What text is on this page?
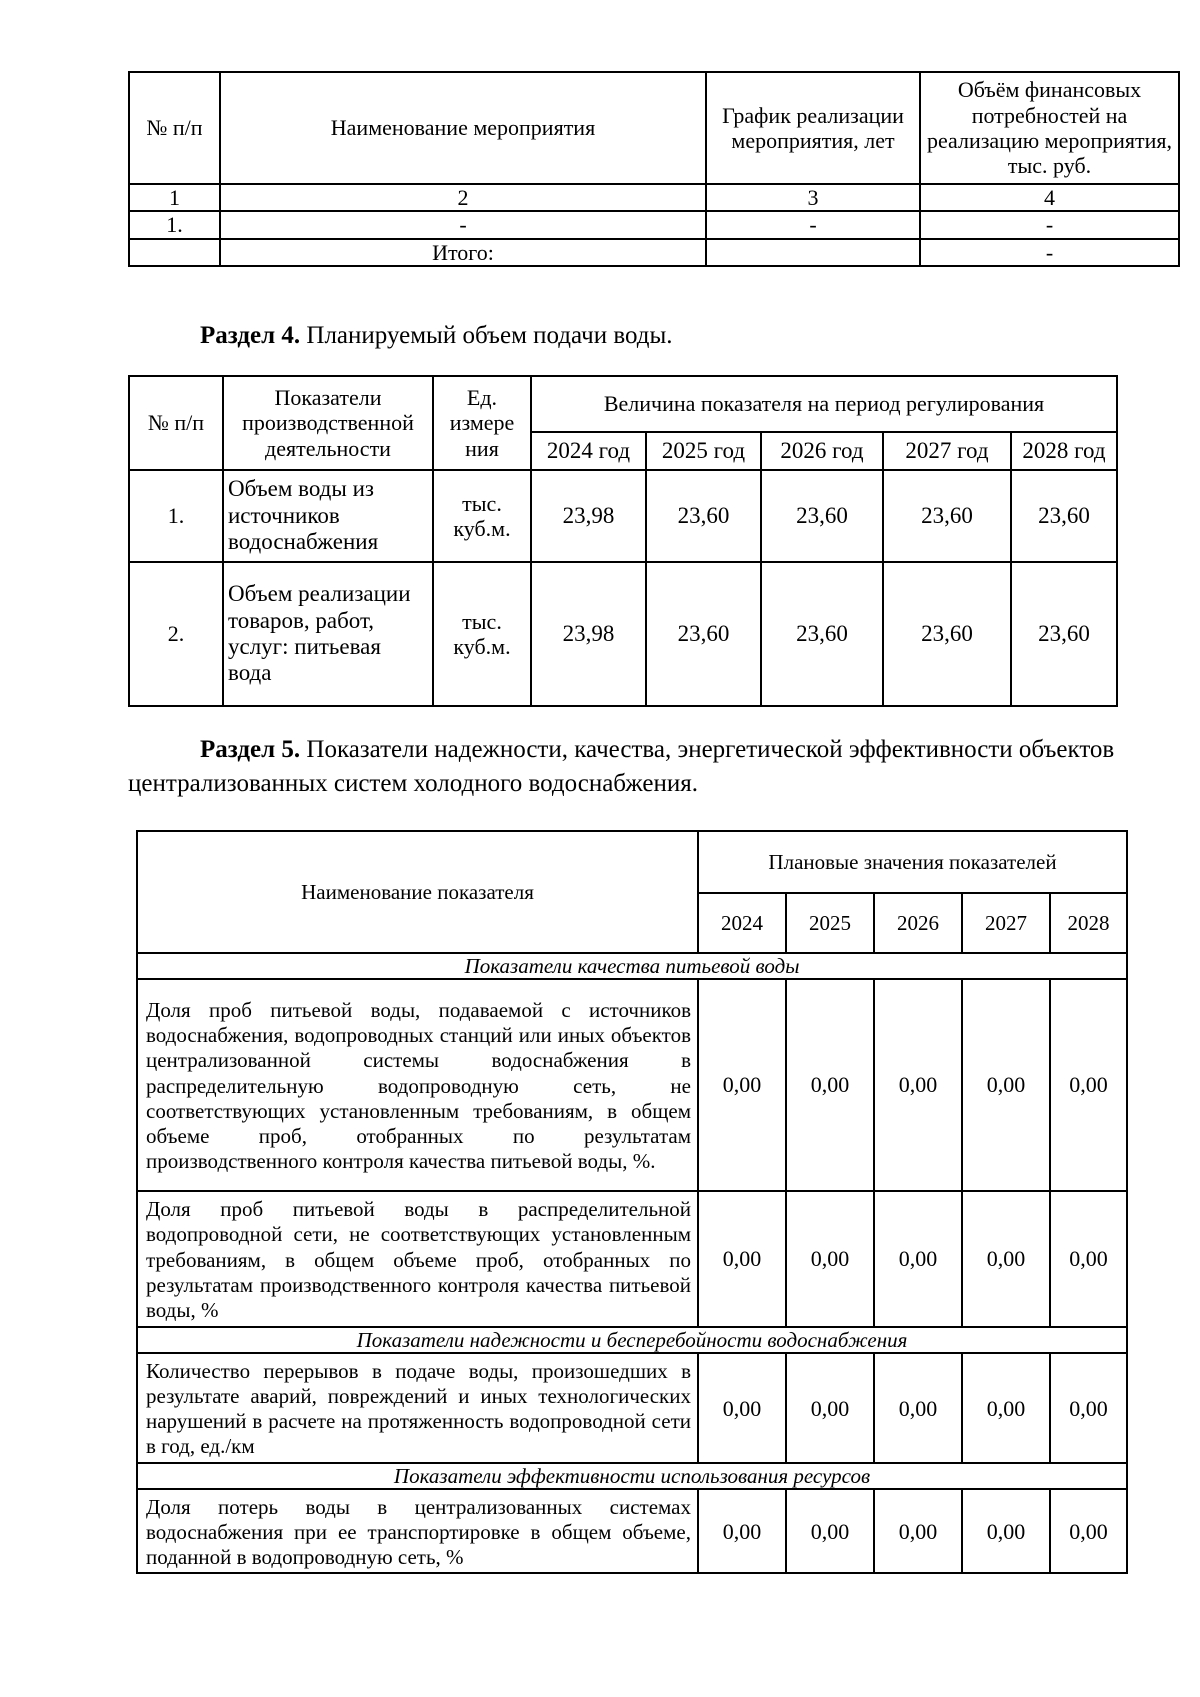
№ п/п	Наименование мероприятия	График реализации мероприятия, лет	Объём финансовых потребностей на реализацию мероприятия, тыс. руб.
1	2	3	4
1.	-	-	-
	Итого:		-

Раздел 4. Планируемый объем подачи воды.

№ п/п	Показатели производственной деятельности	Ед. измере ния	Величина показателя на период регулирования				
			2024 год	2025 год	2026 год	2027 год	2028 год
1.	Объем воды из источников водоснабжения	тыс. куб.м.	23,98	23,60	23,60	23,60	23,60
2.	Объем реализации товаров, работ, услуг: питьевая вода	тыс. куб.м.	23,98	23,60	23,60	23,60	23,60

Раздел 5. Показатели надежности, качества, энергетической эффективности объектов централизованных систем холодного водоснабжения.

Наименование показателя	Плановые значения показателей				
	2024	2025	2026	2027	2028
Показатели качества питьевой воды					
Доля проб питьевой воды, подаваемой с источников водоснабжения, водопроводных станций или иных объектов централизованной системы водоснабжения в распределительную водопроводную сеть, не соответствующих установленным требованиям, в общем объеме проб, отобранных по результатам производственного контроля качества питьевой воды, %.	0,00	0,00	0,00	0,00	0,00
Доля проб питьевой воды в распределительной водопроводной сети, не соответствующих установленным требованиям, в общем объеме проб, отобранных по результатам производственного контроля качества питьевой воды, %	0,00	0,00	0,00	0,00	0,00
Показатели надежности и бесперебойности водоснабжения					
Количество перерывов в подаче воды, произошедших в результате аварий, повреждений и иных технологических нарушений в расчете на протяженность водопроводной сети в год, ед./км	0,00	0,00	0,00	0,00	0,00
Показатели эффективности использования ресурсов					
Доля потерь воды в централизованных системах водоснабжения при ее транспортировке в общем объеме, поданной в водопроводную сеть, %	0,00	0,00	0,00	0,00	0,00
